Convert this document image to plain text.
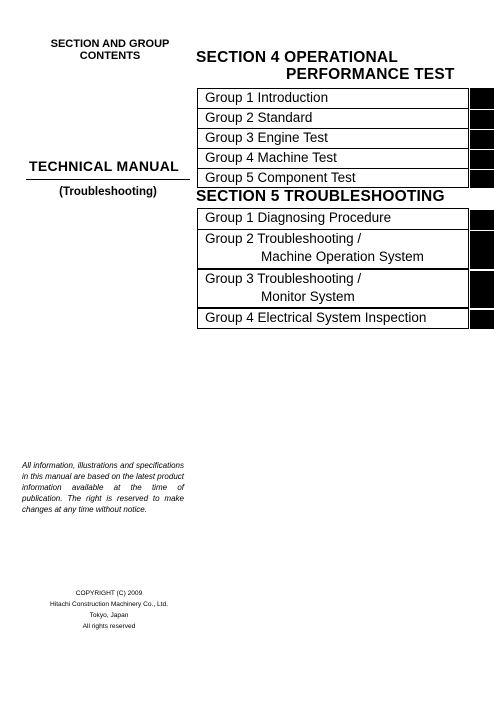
SECTION AND GROUP
CONTENTS
TECHNICAL MANUAL
(Troubleshooting)
All information, illustrations and specifications in this manual are based on the latest product information available at the time of publication. The right is reserved to make changes at any time without notice.
COPYRIGHT (C) 2009
Hitachi Construction Machinery Co., Ltd.
Tokyo, Japan
All rights reserved
SECTION 4 OPERATIONAL
PERFORMANCE TEST
Group 1 Introduction
Group 2 Standard
Group 3 Engine Test
Group 4 Machine Test
Group 5 Component Test
SECTION 5 TROUBLESHOOTING
Group 1 Diagnosing Procedure
Group 2 Troubleshooting /
Machine Operation System
Group 3 Troubleshooting /
Monitor System
Group 4 Electrical System Inspection
